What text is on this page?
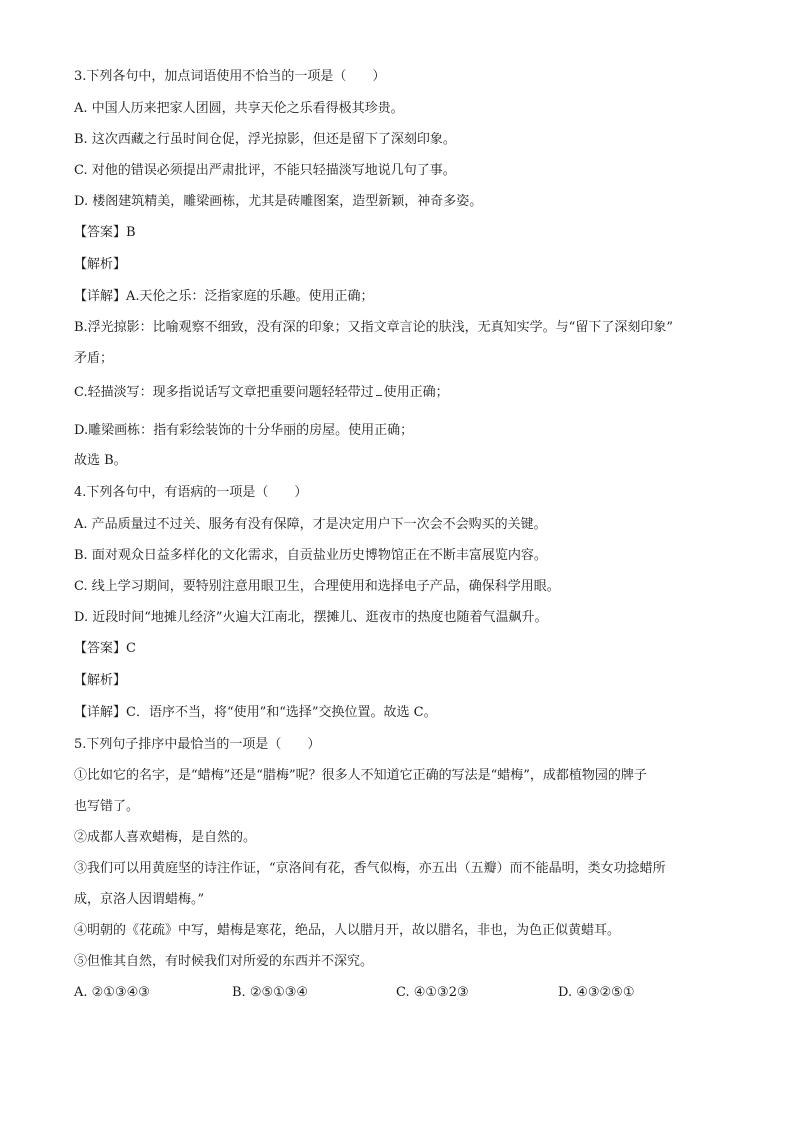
3.下列各句中，加点词语使用不恰当的一项是（　　）
A. 中国人历来把家人团圆，共享天伦之乐看得极其珍贵。
B. 这次西藏之行虽时间仓促，浮光掠影，但还是留下了深刻印象。
C. 对他的错误必须提出严肃批评，不能只轻描淡写地说几句了事。
D. 楼阁建筑精美，雕梁画栋，尤其是砖雕图案，造型新颖，神奇多姿。
【答案】B
【解析】
【详解】A.天伦之乐：泛指家庭的乐趣。使用正确；
B.浮光掠影：比喻观察不细致，没有深的印象；又指文章言论的肤浅，无真知实学。与“留下了深刻印象”
矛盾；
C.轻描淡写：现多指说话写文章把重要问题轻轻带过 使用正确；
D.雕梁画栋：指有彩绘装饰的十分华丽的房屋。使用正确；
故选 B。
4.下列各句中，有语病的一项是（　　）
A. 产品质量过不过关、服务有没有保障，才是决定用户下一次会不会购买的关键。
B. 面对观众日益多样化的文化需求，自贡盐业历史博物馆正在不断丰富展览内容。
C. 线上学习期间，要特别注意用眼卫生，合理使用和选择电子产品，确保科学用眼。
D. 近段时间“地摊儿经济”火遍大江南北，摆摊儿、逛夜市的热度也随着气温飙升。
【答案】C
【解析】
【详解】C．语序不当，将“使用”和“选择”交换位置。故选 C。
5.下列句子排序中最恰当的一项是（　　）
①比如它的名字，是“蜡梅”还是“腊梅”呢？很多人不知道它正确的写法是“蜡梅”，成都植物园的牌子
也写错了。
②成都人喜欢蜡梅，是自然的。
③我们可以用黄庭坚的诗注作证，“京洛间有花，香气似梅，亦五出（五瓣）而不能晶明，类女功捻蜡所
成，京洛人因谓蜡梅。”
④明朝的《花疏》中写，蜡梅是寒花，绝品，人以腊月开，故以腊名，非也，为色正似黄蜡耳。
⑤但惟其自然，有时候我们对所爱的东西并不深究。
A. ②①③④③	B. ②⑤①③④	C. ④①③2③	D. ④③②⑤①
